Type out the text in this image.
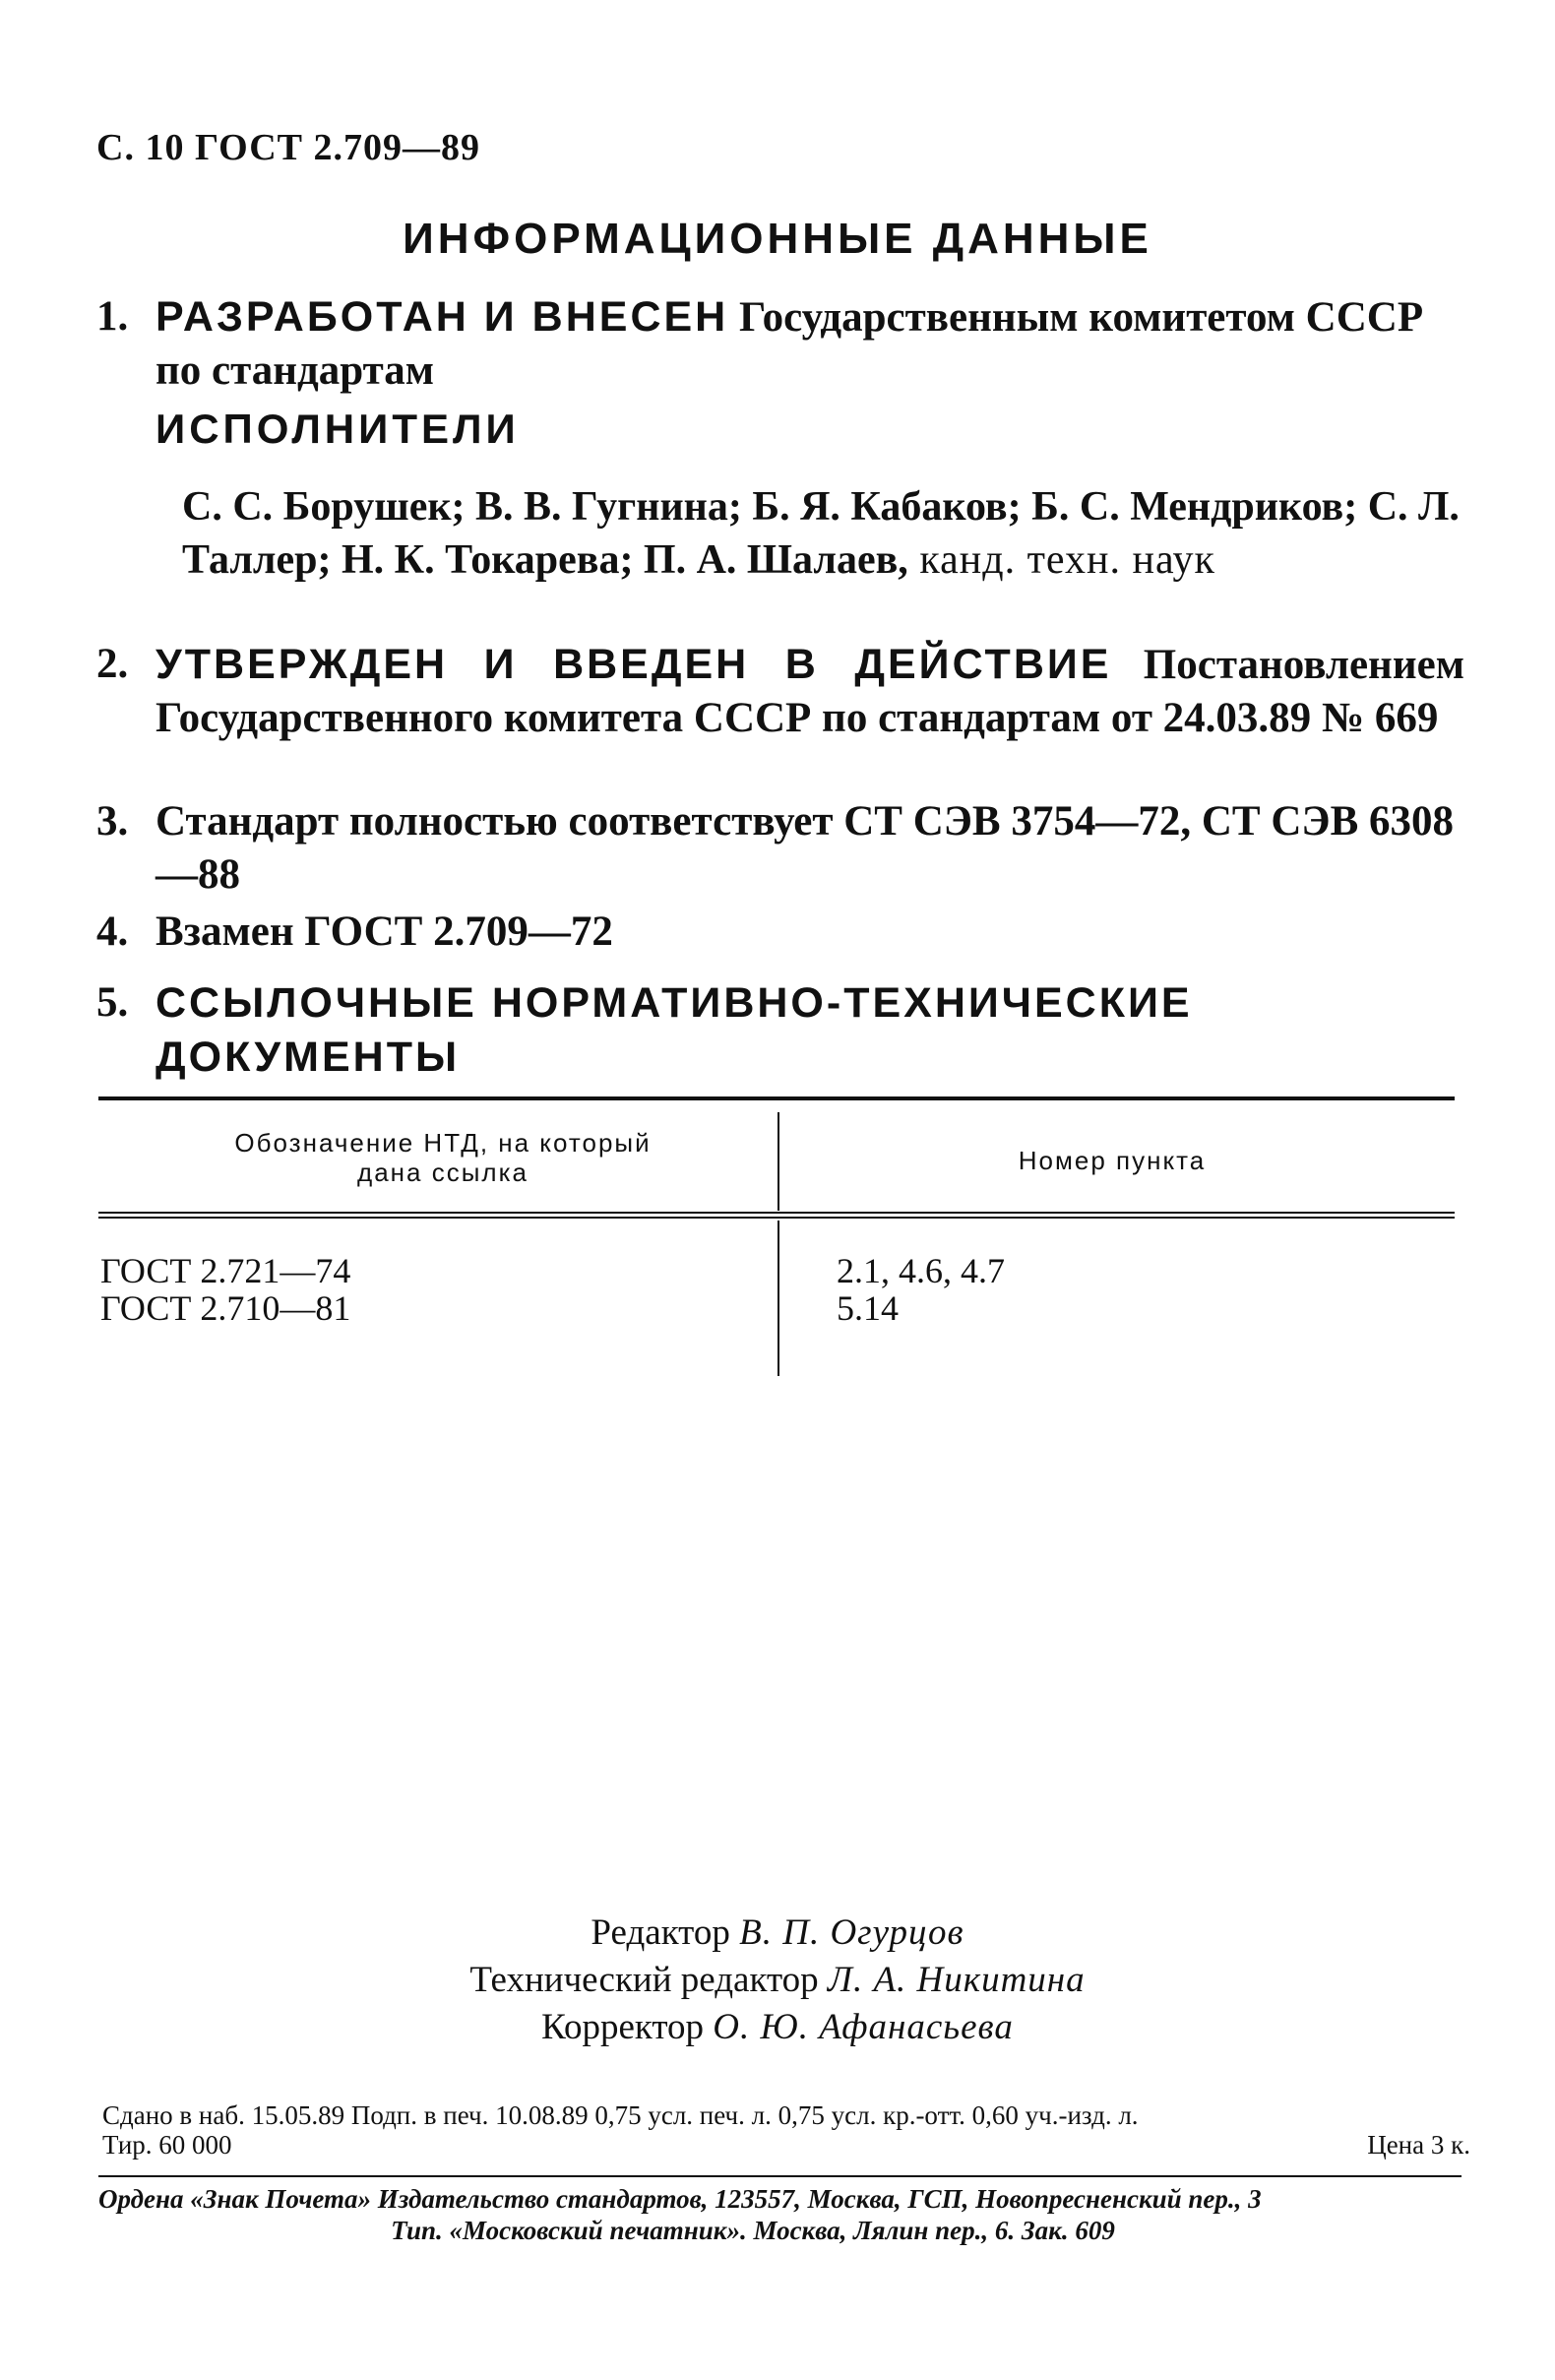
С. 10 ГОСТ 2.709—89
ИНФОРМАЦИОННЫЕ ДАННЫЕ
1. РАЗРАБОТАН И ВНЕСЕН Государственным комитетом СССР по стандартам
ИСПОЛНИТЕЛИ
С. С. Борушек; В. В. Гугнина; Б. Я. Кабаков; Б. С. Мендриков; С. Л. Таллер; Н. К. Токарева; П. А. Шалаев, канд. техн. наук
2. УТВЕРЖДЕН И ВВЕДЕН В ДЕЙСТВИЕ Постановлением Государственного комитета СССР по стандартам от 24.03.89 № 669
3. Стандарт полностью соответствует СТ СЭВ 3754—72, СТ СЭВ 6308—88
4. Взамен ГОСТ 2.709—72
5. ССЫЛОЧНЫЕ НОРМАТИВНО-ТЕХНИЧЕСКИЕ ДОКУМЕНТЫ
Обозначение НТД, на который
дана ссылка	Номер пункта
ГОСТ 2.721—74	2.1, 4.6, 4.7
ГОСТ 2.710—81	5.14
Редактор В. П. Огурцов
Технический редактор Л. А. Никитина
Корректор О. Ю. Афанасьева
Сдано в наб. 15.05.89 Подп. в печ. 10.08.89 0,75 усл. печ. л. 0,75 усл. кр.-отт. 0,60 уч.-изд. л.
Тир. 60 000	Цена 3 к.
Ордена «Знак Почета» Издательство стандартов, 123557, Москва, ГСП, Новопресненский пер., 3
Тип. «Московский печатник». Москва, Лялин пер., 6. Зак. 609
